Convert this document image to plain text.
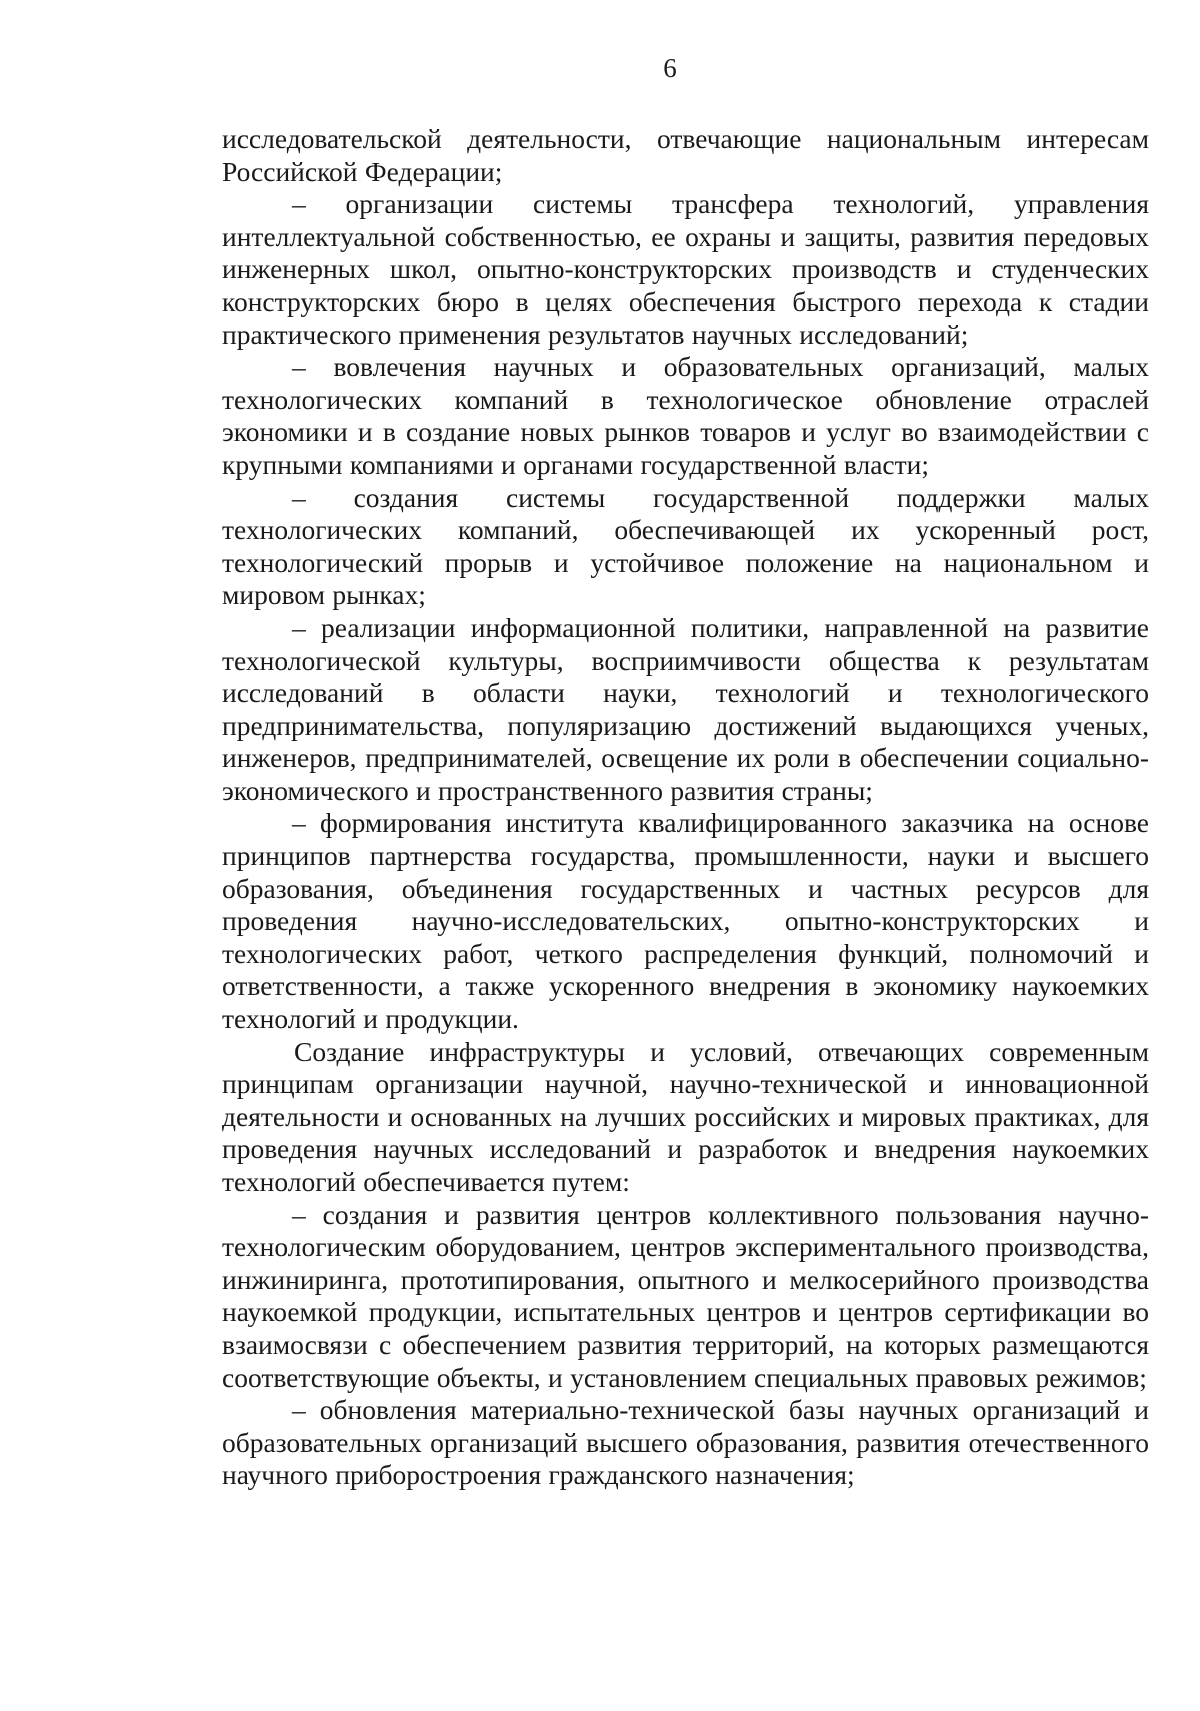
6

исследовательской деятельности, отвечающие национальным интересам Российской Федерации;

– организации системы трансфера технологий, управления интеллектуальной собственностью, ее охраны и защиты, развития передовых инженерных школ, опытно-конструкторских производств и студенческих конструкторских бюро в целях обеспечения быстрого перехода к стадии практического применения результатов научных исследований;

– вовлечения научных и образовательных организаций, малых технологических компаний в технологическое обновление отраслей экономики и в создание новых рынков товаров и услуг во взаимодействии с крупными компаниями и органами государственной власти;

– создания системы государственной поддержки малых технологических компаний, обеспечивающей их ускоренный рост, технологический прорыв и устойчивое положение на национальном и мировом рынках;

– реализации информационной политики, направленной на развитие технологической культуры, восприимчивости общества к результатам исследований в области науки, технологий и технологического предпринимательства, популяризацию достижений выдающихся ученых, инженеров, предпринимателей, освещение их роли в обеспечении социально-экономического и пространственного развития страны;

– формирования института квалифицированного заказчика на основе принципов партнерства государства, промышленности, науки и высшего образования, объединения государственных и частных ресурсов для проведения научно-исследовательских, опытно-конструкторских и технологических работ, четкого распределения функций, полномочий и ответственности, а также ускоренного внедрения в экономику наукоемких технологий и продукции.

Создание инфраструктуры и условий, отвечающих современным принципам организации научной, научно-технической и инновационной деятельности и основанных на лучших российских и мировых практиках, для проведения научных исследований и разработок и внедрения наукоемких технологий обеспечивается путем:

– создания и развития центров коллективного пользования научно-технологическим оборудованием, центров экспериментального производства, инжиниринга, прототипирования, опытного и мелкосерийного производства наукоемкой продукции, испытательных центров и центров сертификации во взаимосвязи с обеспечением развития территорий, на которых размещаются соответствующие объекты, и установлением специальных правовых режимов;

– обновления материально-технической базы научных организаций и образовательных организаций высшего образования, развития отечественного научного приборостроения гражданского назначения;
